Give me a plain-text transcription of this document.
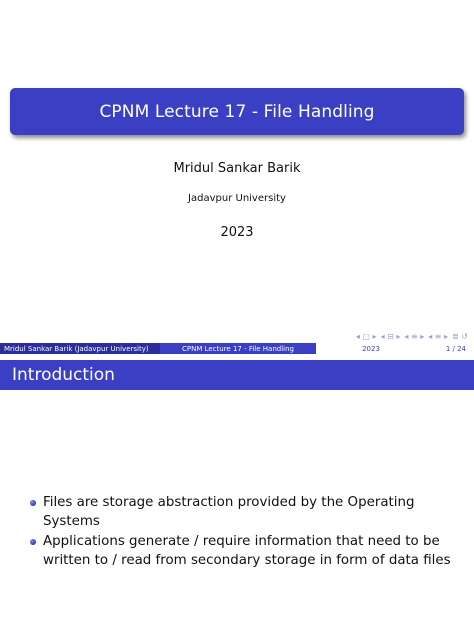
CPNM Lecture 17 - File Handling
Mridul Sankar Barik
Jadavpur University
2023
◂ ▢ ▸ ◂ ⊟ ▸ ◂ ≡ ▸ ◂ ≡ ▸ ≣ ↺
Mridul Sankar Barik (Jadavpur University)	CPNM Lecture 17 - File Handling	2023	1 / 24
Introduction
Files are storage abstraction provided by the Operating Systems
Applications generate / require information that need to be written to / read from secondary storage in form of data files
